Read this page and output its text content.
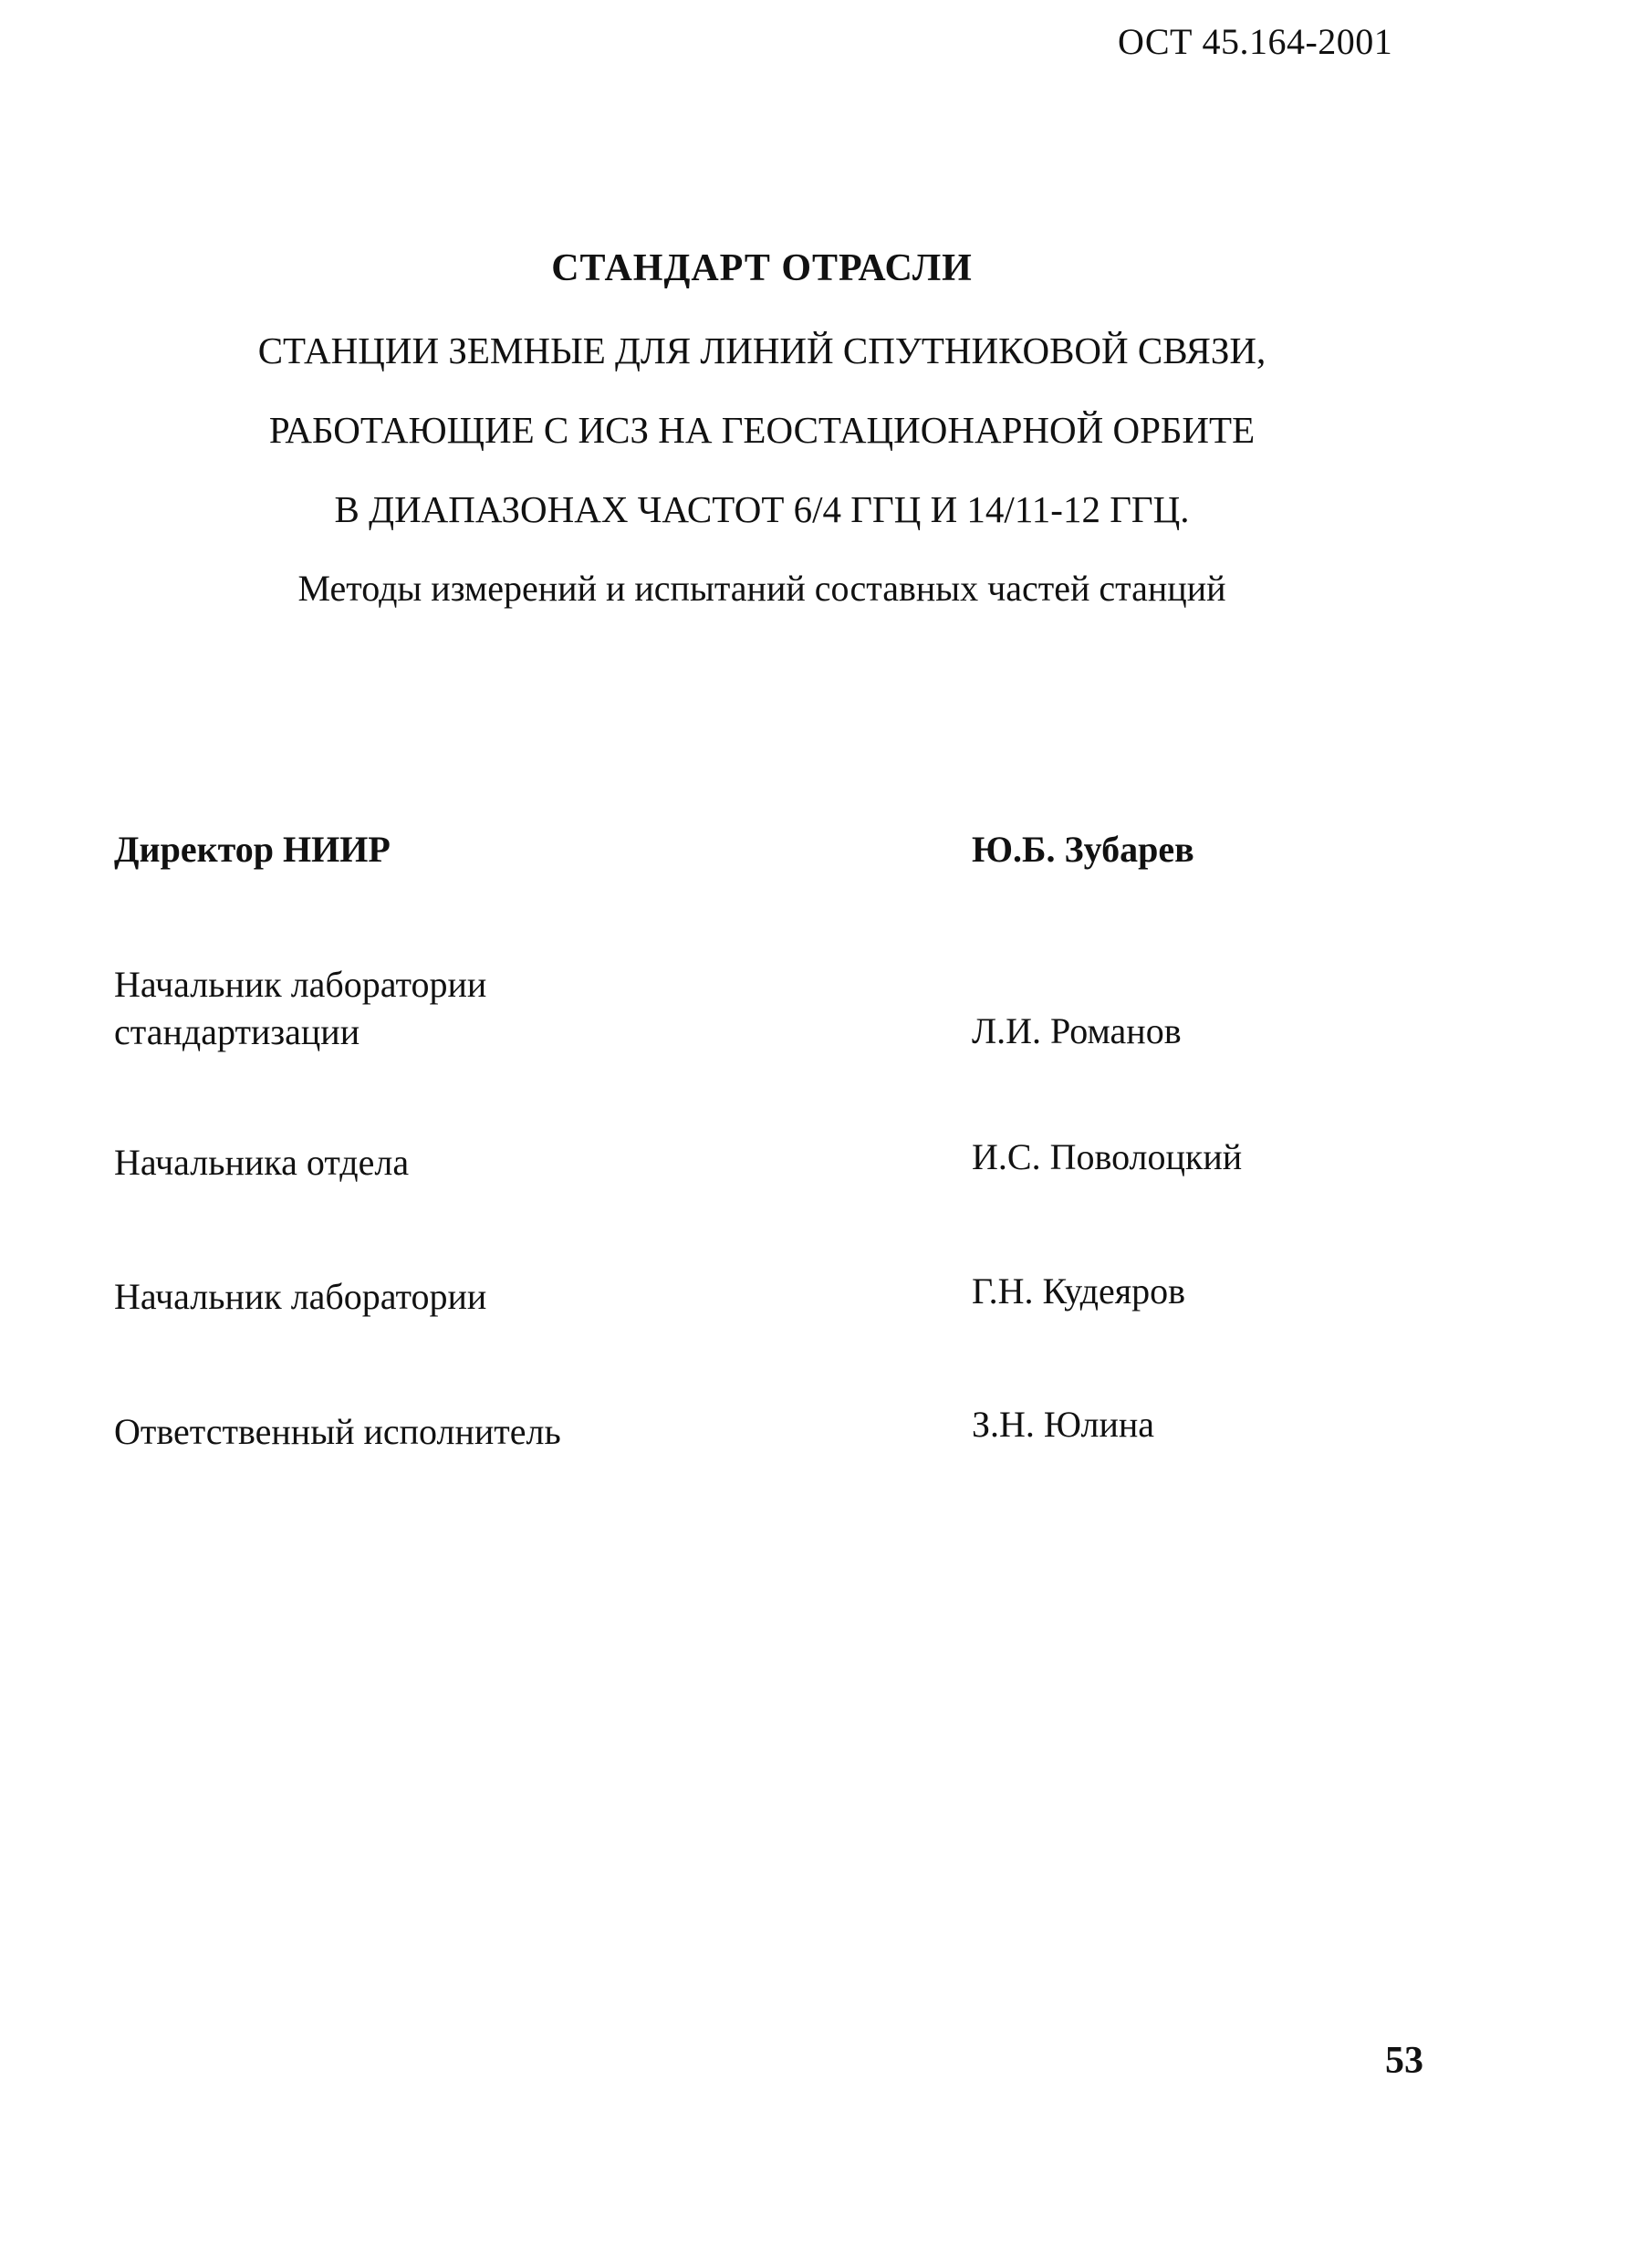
ОСТ 45.164-2001

СТАНДАРТ ОТРАСЛИ

СТАНЦИИ ЗЕМНЫЕ ДЛЯ ЛИНИЙ СПУТНИКОВОЙ СВЯЗИ,

РАБОТАЮЩИЕ С ИСЗ НА ГЕОСТАЦИОНАРНОЙ ОРБИТЕ

В ДИАПАЗОНАХ ЧАСТОТ 6/4 ГГЦ И 14/11-12 ГГЦ.

Методы измерений и испытаний составных частей станций

Директор НИИР	Ю.Б. Зубарев
Начальник лаборатории
стандартизации	Л.И. Романов
Начальника отдела	И.С. Поволоцкий
Начальник лаборатории	Г.Н. Кудеяров
Ответственный исполнитель	З.Н. Юлина
53
